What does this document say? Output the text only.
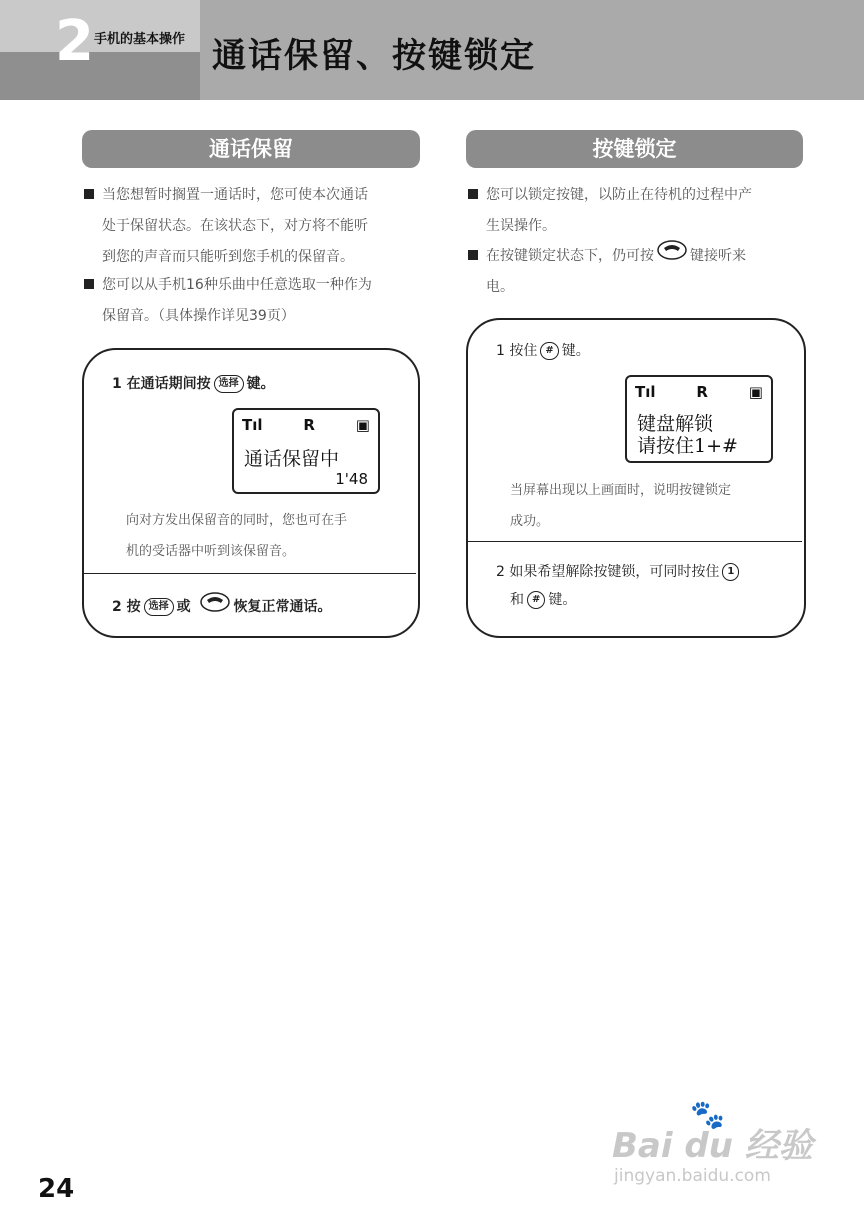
2 手机的基本操作 通话保留、按键锁定
通话保留
当您想暂时搁置一通话时，您可使本次通话
处于保留状态。在该状态下，对方将不能听
到您的声音而只能听到您手机的保留音。
您可以从手机16种乐曲中任意选取一种作为
保留音。（具体操作详见39页）
1 在通话期间按 选择 键。
Tıl	R	▣
通话保留中
1'48
向对方发出保留音的同时，您也可在手
机的受话器中听到该保留音。
2 按 选择 或	恢复正常通话。
按键锁定
您可以锁定按键，以防止在待机的过程中产
生误操作。
在按键锁定状态下，仍可按	键接听来
电。
1 按住 # 键。
Tıl	R	▣
键盘解锁
请按住1+#
当屏幕出现以上画面时，说明按键锁定
成功。
2 如果希望解除按键锁，可同时按住 1
和 # 键。
24
🐾
Bai du 经验
jingyan.baidu.com
